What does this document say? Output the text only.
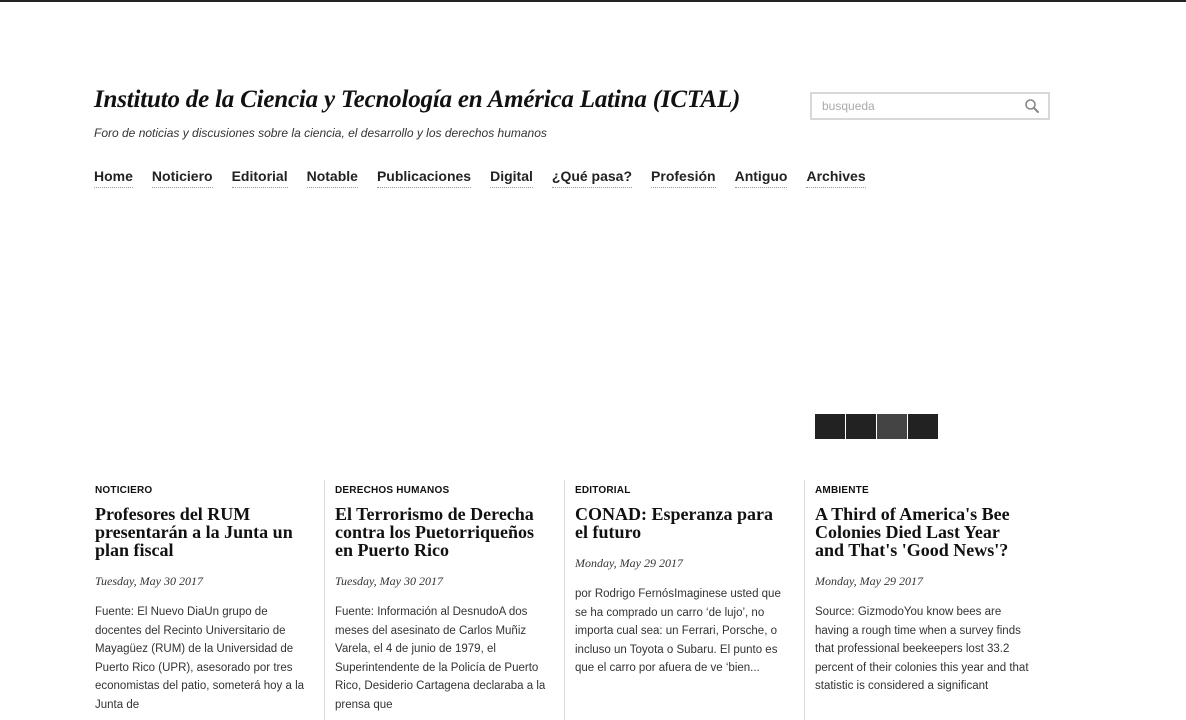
Instituto de la Ciencia y Tecnología en América Latina (ICTAL)
Foro de noticias y discusiones sobre la ciencia, el desarrollo y los derechos humanos
busqueda
Home Noticiero Editorial Notable Publicaciones Digital ¿Qué pasa? Profesión Antiguo Archives
NOTICIERO
Profesores del RUM presentarán a la Junta un plan fiscal
Tuesday, May 30 2017
Fuente: El Nuevo DiaUn grupo de docentes del Recinto Universitario de Mayagüez (RUM) de la Universidad de Puerto Rico (UPR), asesorado por tres economistas del patio, someterá hoy a la Junta de
DERECHOS HUMANOS
El Terrorismo de Derecha contra los Puetorriqueños en Puerto Rico
Tuesday, May 30 2017
Fuente: Información al DesnudoA dos meses del asesinato de Carlos Muñiz Varela, el 4 de junio de 1979, el Superintendente de la Policía de Puerto Rico, Desiderio Cartagena declaraba a la prensa que
EDITORIAL
CONAD: Esperanza para el futuro
Monday, May 29 2017
por Rodrigo FernósImaginese usted que se ha comprado un carro ‘de lujo’, no importa cual sea: un Ferrari, Porsche, o incluso un Toyota o Subaru. El punto es que el carro por afuera de ve ‘bien...
AMBIENTE
A Third of America's Bee Colonies Died Last Year and That's 'Good News'?
Monday, May 29 2017
Source: GizmodoYou know bees are having a rough time when a survey finds that professional beekeepers lost 33.2 percent of their colonies this year and that statistic is considered a significant
